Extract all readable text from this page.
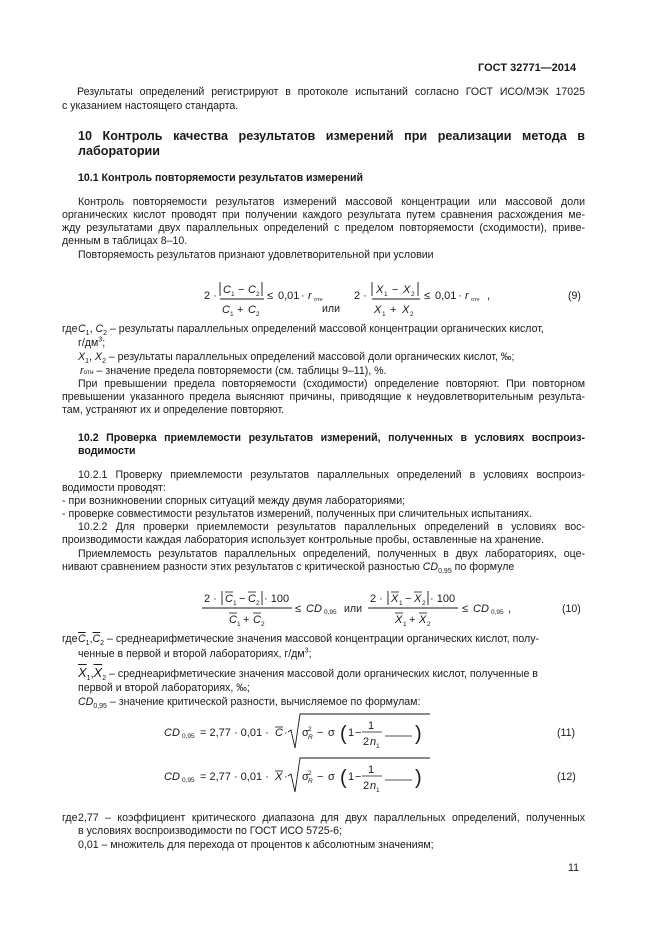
ГОСТ 32771—2014
Результаты определений регистрируют в протоколе испытаний согласно ГОСТ ИСО/МЭК 17025
с указанием настоящего стандарта.
10 Контроль качества результатов измерений при реализации метода в
лаборатории
10.1 Контроль повторяемости результатов измерений
Контроль повторяемости результатов измерений массовой концентрации или массовой доли
органических кислот проводят при получении каждого результата путем сравнения расхождения ме-
жду результатами двух параллельных определений с пределом повторяемости (сходимости), приве-
денным в таблицах 8–10.
Повторяемость результатов признают удовлетворительной при условии
2 · C 1 − C 2
C 1 + C 2
≤ 0,01 · r отн
или
2 · X 1 − X 2
X 1 + X 2
≤ 0,01 · r отн ,	(9)
где $C_1$, $C_2$ – результаты параллельных определений массовой концентрации органических кислот,
$г/дм^3$;
$X_1$, $X_2$ – результаты параллельных определений массовой доли органических кислот, ‰;
rотн – значение предела повторяемости (см. таблицы 9–11), %.
При превышении предела повторяемости (сходимости) определение повторяют. При повторном
превышении указанного предела выясняют причины, приводящие к неудовлетворительным результа-
там, устраняют их и определение повторяют.
10.2 Проверка приемлемости результатов измерений, полученных в условиях воспроиз-
водимости
10.2.1 Проверку приемлемости результатов параллельных определений в условиях воспроиз-
водимости проводят:
- при возникновении спорных ситуаций между двумя лабораториями;
- проверке совместимости результатов измерений, полученных при сличительных испытаниях.
10.2.2 Для проверки приемлемости результатов параллельных определений в условиях вос-
производимости каждая лаборатория использует контрольные пробы, оставленные на хранение.
Приемлемость результатов параллельных определений, полученных в двух лабораториях, оце-
нивают сравнением разности этих результатов с критической разностью $CD_{0,95}$ по формуле
2 · C 1 − C 2 · 100
C 1 + C 2
≤ CD 0,95 или
2 · X 1 − X 2 · 100
X 1 + X 2
≤ CD 0,95 ,	(10)
где $\overline{C}_1,\overline{C}_2$ – среднеарифметические значения массовой концентрации органических кислот, полу-
ченные в первой и второй лабораториях, $г/дм^3$;
$\overline{X}_1,\overline{X}_2$ – среднеарифметические значения массовой доли органических кислот, полученные в
первой и второй лабораториях, ‰;
$CD_{0,95}$ – значение критической разности, вычисляемое по формулам:
CD 0,95 = 2,77 · 0,01 · C · σ R
2 − σ ( 1 −
1
2 n 1
)	(11)
CD 0,95 = 2,77 · 0,01 · X · σ R
2 − σ ( 1 −
1
2 n 1
)	(12)
где 2,77 – коэффициент критического диапазона для двух параллельных определений, полученных
в условиях воспроизводимости по ГОСТ ИСО 5725-6;
0,01 – множитель для перехода от процентов к абсолютным значениям;
11
